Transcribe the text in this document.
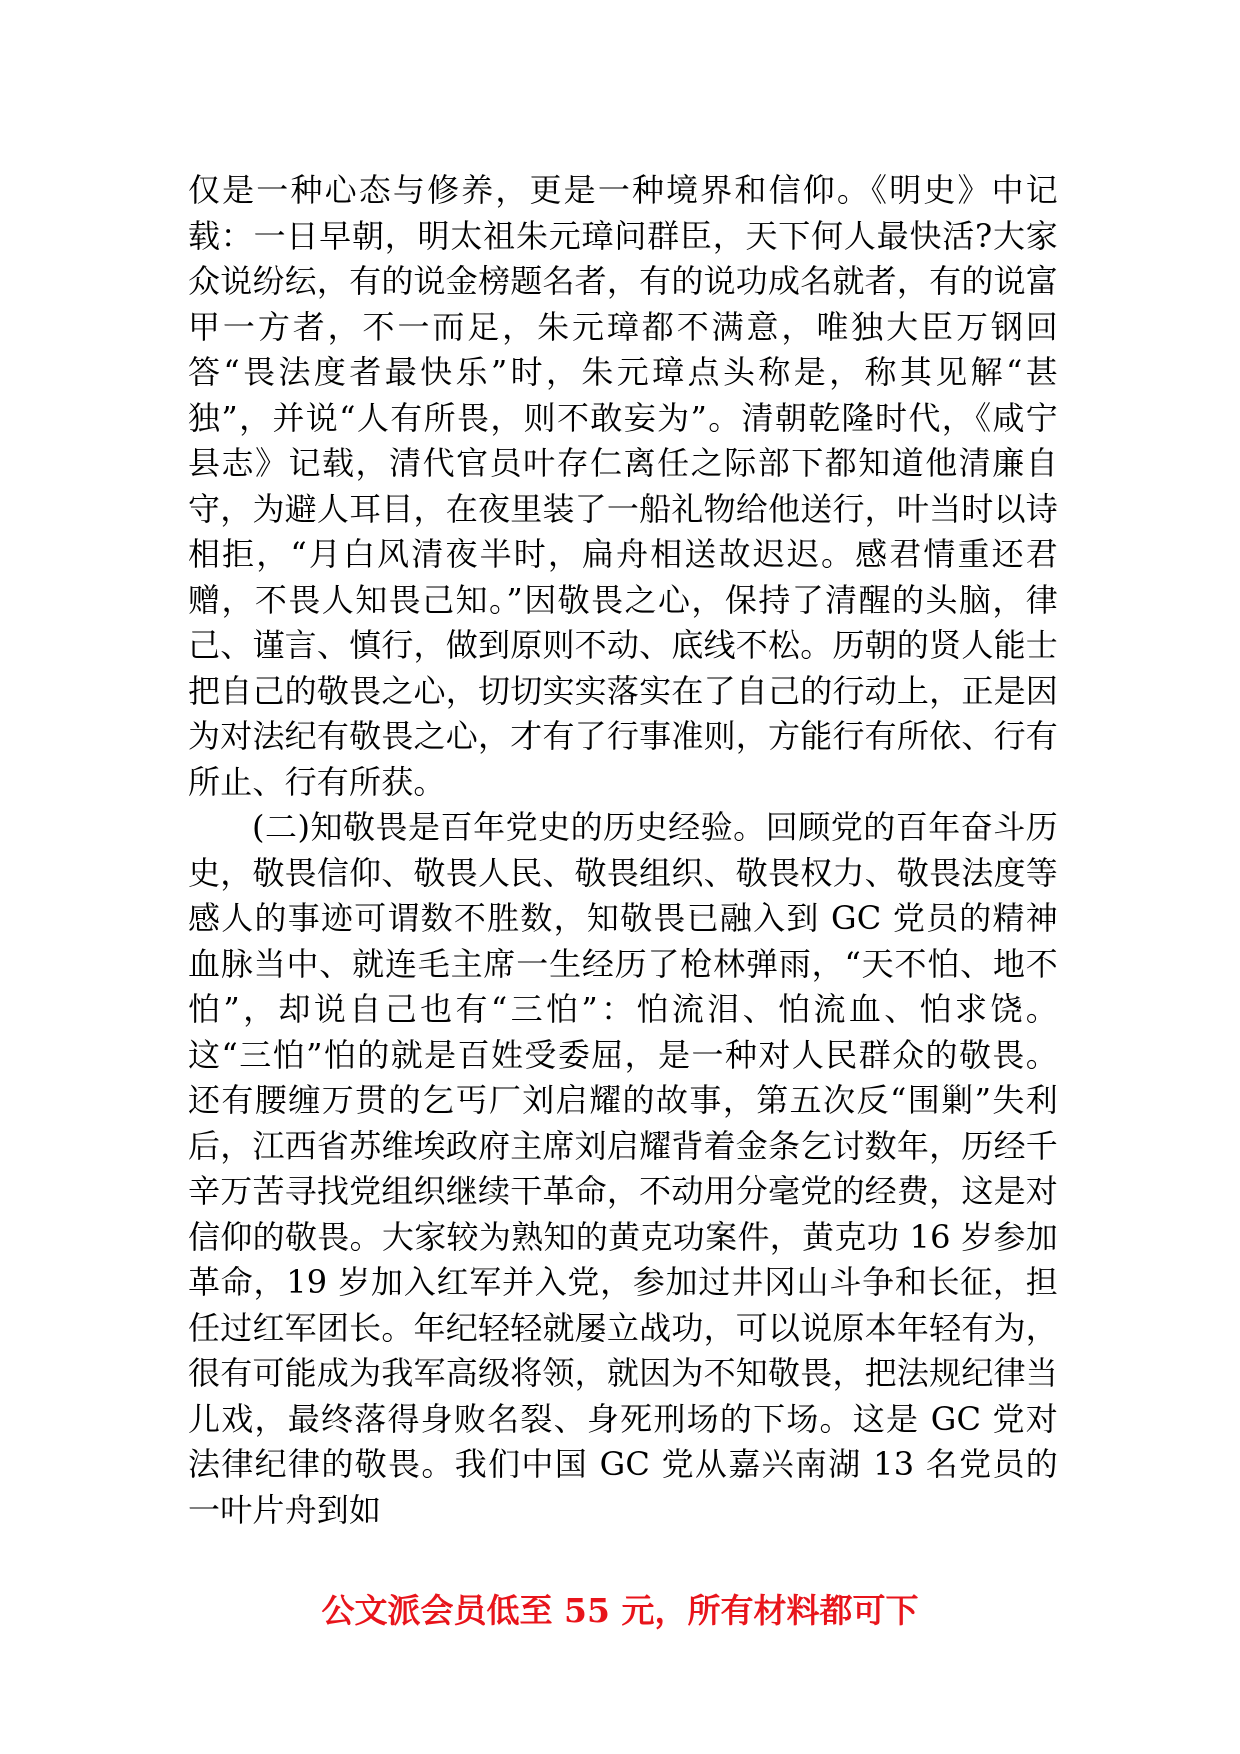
仅是一种心态与修养，更是一种境界和信仰。《明史》中记载：一日早朝，明太祖朱元璋问群臣，天下何人最快活?大家众说纷纭，有的说金榜题名者，有的说功成名就者，有的说富甲一方者，不一而足，朱元璋都不满意，唯独大臣万钢回答“畏法度者最快乐”时，朱元璋点头称是，称其见解“甚独”，并说“人有所畏，则不敢妄为”。清朝乾隆时代，《咸宁县志》记载，清代官员叶存仁离任之际部下都知道他清廉自守，为避人耳目，在夜里装了一船礼物给他送行，叶当时以诗相拒，“月白风清夜半时，扁舟相送故迟迟。感君情重还君赠，不畏人知畏己知。”因敬畏之心，保持了清醒的头脑，律己、谨言、慎行，做到原则不动、底线不松。历朝的贤人能士把自己的敬畏之心，切切实实落实在了自己的行动上，正是因为对法纪有敬畏之心，才有了行事准则，方能行有所依、行有所止、行有所获。

(二)知敬畏是百年党史的历史经验。回顾党的百年奋斗历史，敬畏信仰、敬畏人民、敬畏组织、敬畏权力、敬畏法度等感人的事迹可谓数不胜数，知敬畏已融入到 GC 党员的精神血脉当中、就连毛主席一生经历了枪林弹雨，“天不怕、地不怕”，却说自己也有“三怕”：怕流泪、怕流血、怕求饶。这“三怕”怕的就是百姓受委屈，是一种对人民群众的敬畏。还有腰缠万贯的乞丐厂刘启耀的故事，第五次反“围剿”失利后，江西省苏维埃政府主席刘启耀背着金条乞讨数年，历经千辛万苦寻找党组织继续干革命，不动用分毫党的经费，这是对信仰的敬畏。大家较为熟知的黄克功案件，黄克功 16 岁参加革命，19 岁加入红军并入党，参加过井冈山斗争和长征，担任过红军团长。年纪轻轻就屡立战功，可以说原本年轻有为，很有可能成为我军高级将领，就因为不知敬畏，把法规纪律当儿戏，最终落得身败名裂、身死刑场的下场。这是 GC 党对法律纪律的敬畏。我们中国 GC 党从嘉兴南湖 13 名党员的一叶片舟到如

公文派会员低至 55 元，所有材料都可下
